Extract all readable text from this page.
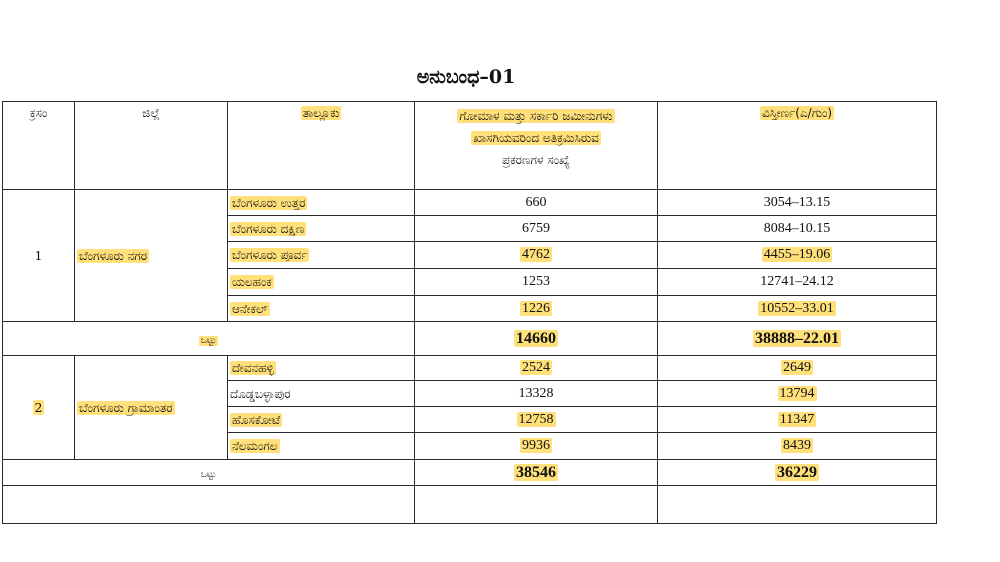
ಅನುಬಂಧ–01
ಕ್ರಸಂ	ಜಿಲ್ಲೆ	ತಾಲ್ಲೂಕು	ಗೋಮಾಳ ಮತ್ತು ಸರ್ಕಾರಿ ಜಮೀನುಗಳು
ಖಾಸಗಿಯವರಿಂದ ಅತಿಕ್ರಮಿಸಿರುವ
ಪ್ರಕರಣಗಳ ಸಂಖ್ಯೆ	ವಿಸ್ತೀರ್ಣ(ಎ/ಗುಂ)
1	ಬೆಂಗಳೂರು ನಗರ	ಬೆಂಗಳೂರು ಉತ್ತರ	660	3054–13.15
		ಬೆಂಗಳೂರು ದಕ್ಷಿಣ	6759	8084–10.15
		ಬೆಂಗಳೂರು ಪೂರ್ವ	4762	4455–19.06
		ಯಲಹಂಕ	1253	12741–24.12
		ಆನೇಕಲ್	1226	10552–33.01
ಒಟ್ಟು			14660	38888–22.01
2	ಬೆಂಗಳೂರು ಗ್ರಾಮಾಂತರ	ದೇವನಹಳ್ಳಿ	2524	2649
		ದೊಡ್ಡಬಳ್ಳಾಪುರ	13328	13794
		ಹೊಸಕೋಟೆ	12758	11347
		ನೆಲಮಂಗಲ	9936	8439
ಒಟ್ಟು			38546	36229
